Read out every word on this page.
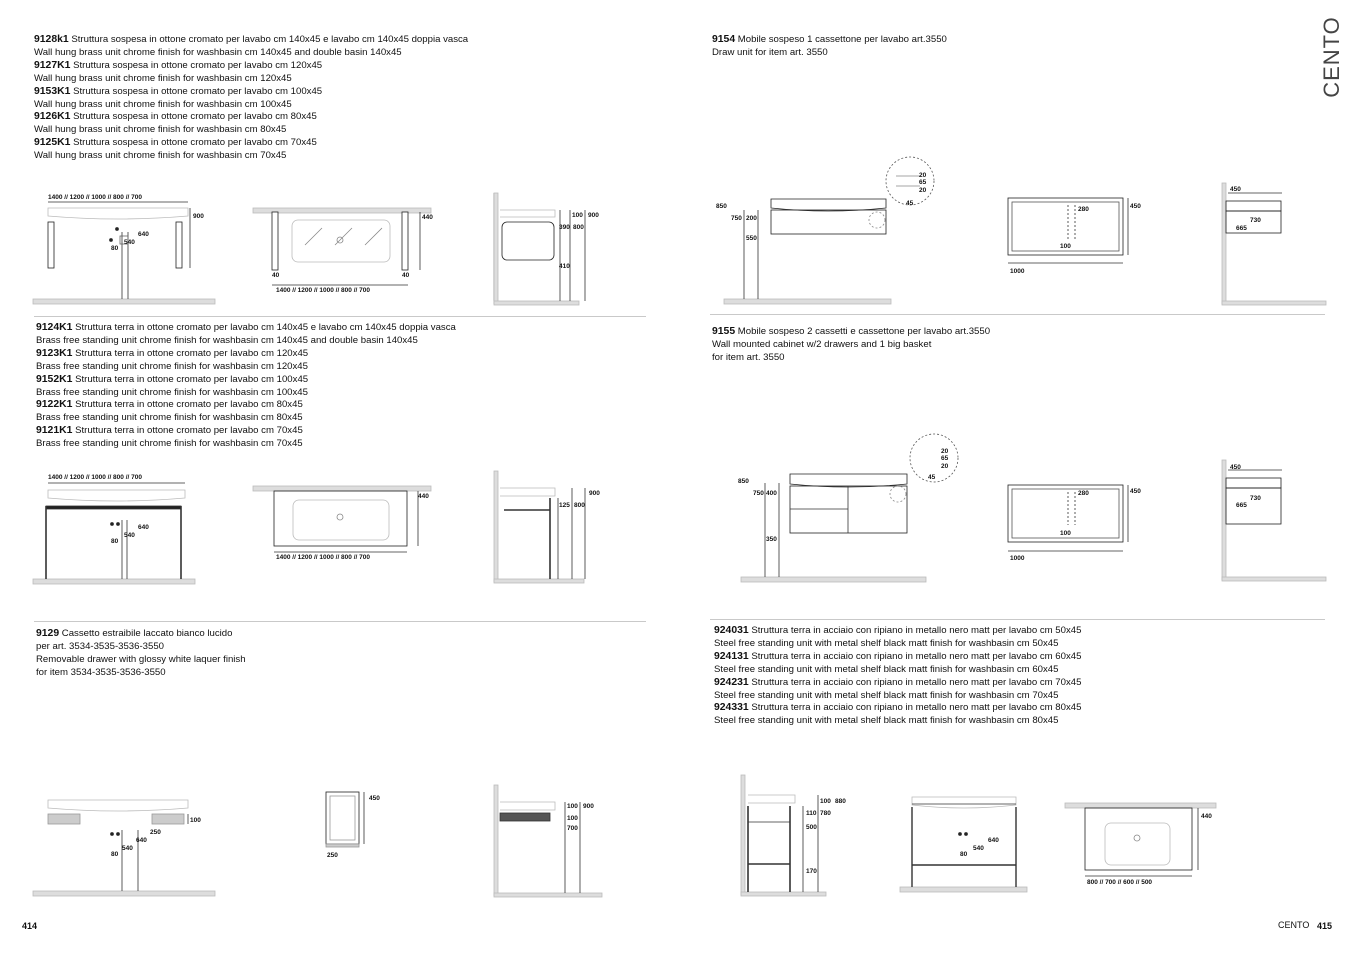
CENTO
9128k1 Struttura sospesa in ottone cromato per lavabo cm 140x45 e lavabo cm 140x45 doppia vasca
Wall hung brass unit chrome finish for washbasin cm 140x45 and double basin 140x45
9127K1 Struttura sospesa in ottone cromato per lavabo cm 120x45
Wall hung brass unit chrome finish for washbasin cm 120x45
9153K1 Struttura sospesa in ottone cromato per lavabo cm 100x45
Wall hung brass unit chrome finish for washbasin cm 100x45
9126K1 Struttura sospesa in ottone cromato per lavabo cm 80x45
Wall hung brass unit chrome finish for washbasin cm 80x45
9125K1 Struttura sospesa in ottone cromato per lavabo cm 70x45
Wall hung brass unit chrome finish for washbasin cm 70x45
9124K1 Struttura terra in ottone cromato per lavabo cm 140x45 e lavabo cm 140x45 doppia vasca
Brass free standing unit chrome finish for washbasin cm 140x45 and double basin 140x45
9123K1 Struttura terra in ottone cromato per lavabo cm 120x45
Brass free standing unit chrome finish for washbasin cm 120x45
9152K1 Struttura terra in ottone cromato per lavabo cm 100x45
Brass free standing unit chrome finish for washbasin cm 100x45
9122K1 Struttura terra in ottone cromato per lavabo cm 80x45
Brass free standing unit chrome finish for washbasin cm 80x45
9121K1 Struttura terra in ottone cromato per lavabo cm 70x45
Brass free standing unit chrome finish for washbasin cm 70x45
9129 Cassetto estraibile laccato bianco lucido
per art. 3534-3535-3536-3550
Removable drawer with glossy white laquer finish
for item 3534-3535-3536-3550
9154 Mobile sospeso 1 cassettone per lavabo art.3550
Draw unit for item art. 3550
9155 Mobile sospeso 2 cassetti e cassettone per lavabo art.3550
Wall mounted cabinet w/2 drawers and 1 big basket
for item art. 3550
924031 Struttura terra in acciaio con ripiano in metallo nero matt per lavabo cm 50x45
Steel free standing unit with metal shelf black matt finish for washbasin cm 50x45
924131 Struttura terra in acciaio con ripiano in metallo nero matt per lavabo cm 60x45
Steel free standing unit with metal shelf black matt finish for washbasin cm 60x45
924231 Struttura terra in acciaio con ripiano in metallo nero matt per lavabo cm 70x45
Steel free standing unit with metal shelf black matt finish for washbasin cm 70x45
924331 Struttura terra in acciaio con ripiano in metallo nero matt per lavabo cm 80x45
Steel free standing unit with metal shelf black matt finish for washbasin cm 80x45
1400 // 1200 // 1000 // 800 // 700
900
640
540
80
440
40	40
1400 // 1200 // 1000 // 800 // 700
100 900
390 800
410
1400 // 1200 // 1000 // 800 // 700
640
540
80
440
1400 // 1200 // 1000 // 800 // 700
900
125 800
100
250
640
540
80
450
250
100 900
100
700
850
750 200
550
20
65
20
45
280	450
100
1000
450
730
665
850
750 400
350
20
65
20
45
280	450
100
1000
450
730
665
100 880
110 780
500
170
640
540
80
440
800 // 700 // 600 // 500
414	CENTO 415
